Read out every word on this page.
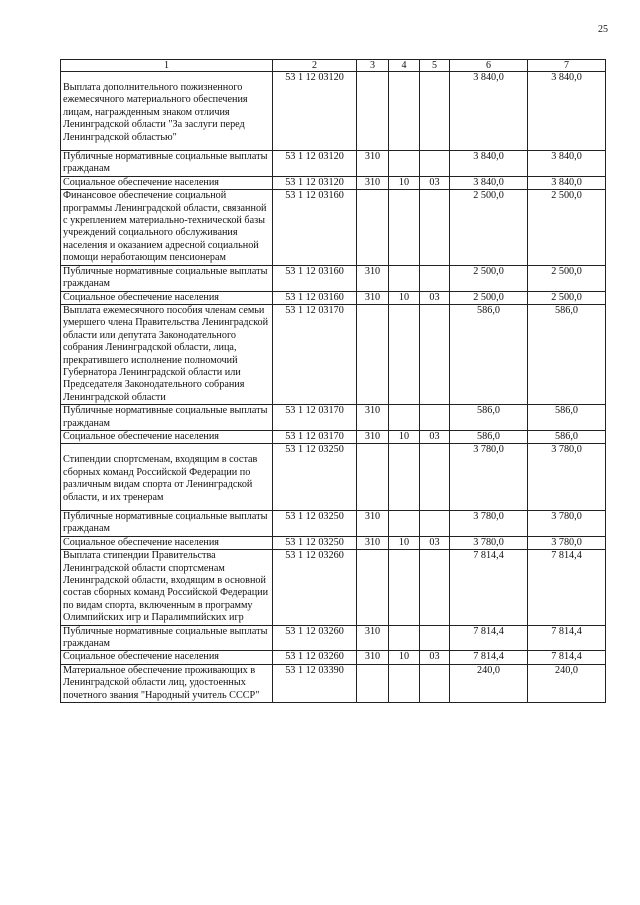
25
1	2	3	4	5	6	7
Выплата дополнительного пожизненного ежемесячного материального обеспечения лицам, награжденным знаком отличия Ленинградской области "За заслуги перед Ленинградской областью"	53 1 12 03120				3 840,0	3 840,0
Публичные нормативные социальные выплаты гражданам	53 1 12 03120	310			3 840,0	3 840,0
Социальное обеспечение населения	53 1 12 03120	310	10	03	3 840,0	3 840,0
Финансовое обеспечение социальной программы Ленинградской области, связанной с укреплением материально-технической базы учреждений социального обслуживания населения и оказанием адресной социальной помощи неработающим пенсионерам	53 1 12 03160				2 500,0	2 500,0
Публичные нормативные социальные выплаты гражданам	53 1 12 03160	310			2 500,0	2 500,0
Социальное обеспечение населения	53 1 12 03160	310	10	03	2 500,0	2 500,0
Выплата ежемесячного пособия членам семьи умершего члена Правительства Ленинградской области или депутата Законодательного собрания Ленинградской области, лица, прекратившего исполнение полномочий Губернатора Ленинградской области или Председателя Законодательного собрания Ленинградской области	53 1 12 03170				586,0	586,0
Публичные нормативные социальные выплаты гражданам	53 1 12 03170	310			586,0	586,0
Социальное обеспечение населения	53 1 12 03170	310	10	03	586,0	586,0
Стипендии спортсменам, входящим в состав сборных команд Российской Федерации по различным видам спорта от Ленинградской области, и их тренерам	53 1 12 03250				3 780,0	3 780,0
Публичные нормативные социальные выплаты гражданам	53 1 12 03250	310			3 780,0	3 780,0
Социальное обеспечение населения	53 1 12 03250	310	10	03	3 780,0	3 780,0
Выплата стипендии Правительства Ленинградской области спортсменам Ленинградской области, входящим в основной состав сборных команд Российской Федерации по видам спорта, включенным в программу Олимпийских игр и Паралимпийских игр	53 1 12 03260				7 814,4	7 814,4
Публичные нормативные социальные выплаты гражданам	53 1 12 03260	310			7 814,4	7 814,4
Социальное обеспечение населения	53 1 12 03260	310	10	03	7 814,4	7 814,4
Материальное обеспечение проживающих в Ленинградской области лиц, удостоенных почетного звания "Народный учитель СССР"	53 1 12 03390				240,0	240,0
